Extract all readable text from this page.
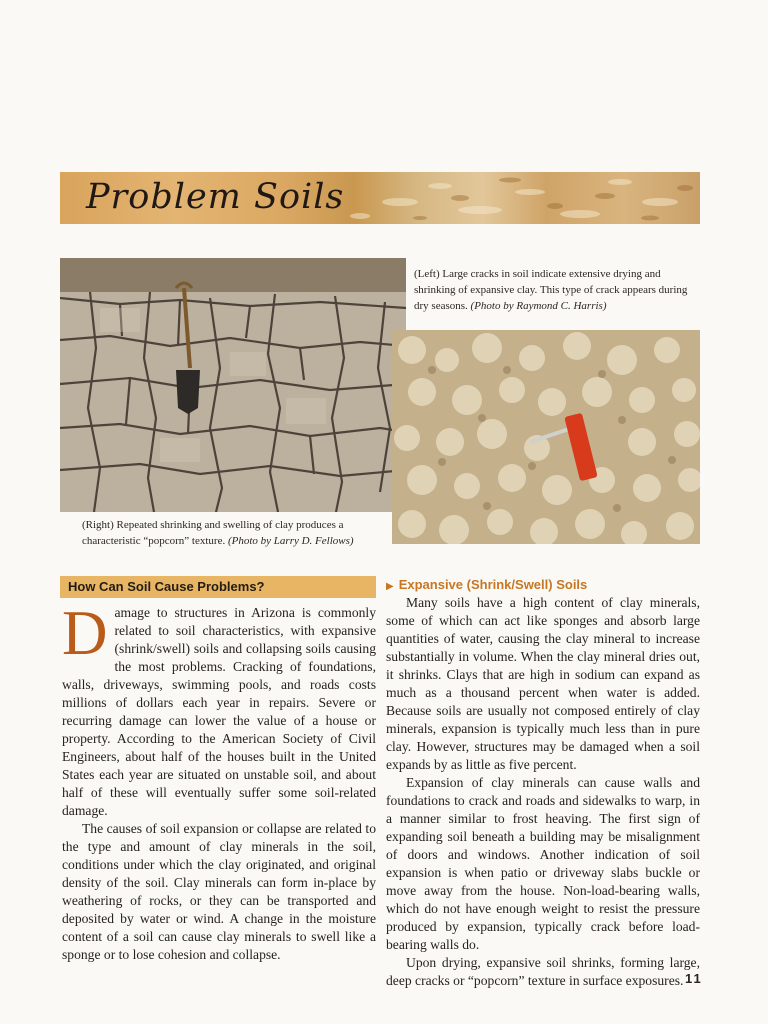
Problem Soils
(Left) Large cracks in soil indicate extensive drying and shrinking of expansive clay. This type of crack appears during dry seasons. (Photo by Raymond C. Harris)
(Right) Repeated shrinking and swelling of clay produces a characteristic “popcorn” texture. (Photo by Larry D. Fellows)
How Can Soil Cause Problems?

Damage to structures in Arizona is commonly related to soil characteristics, with expansive (shrink/swell) soils and collapsing soils causing the most problems. Cracking of foundations, walls, driveways, swimming pools, and roads costs millions of dollars each year in repairs. Severe or recurring damage can lower the value of a house or property. According to the American Society of Civil Engineers, about half of the houses built in the United States each year are situated on unstable soil, and about half of these will eventually suffer some soil-related damage.

The causes of soil expansion or collapse are related to the type and amount of clay minerals in the soil, conditions under which the clay originated, and original density of the soil. Clay minerals can form in-place by weathering of rocks, or they can be transported and deposited by water or wind. A change in the moisture content of a soil can cause clay minerals to swell like a sponge or to lose cohesion and collapse.

▶ Expansive (Shrink/Swell) Soils

Many soils have a high content of clay minerals, some of which can act like sponges and absorb large quantities of water, causing the clay mineral to increase substantially in volume. When the clay mineral dries out, it shrinks. Clays that are high in sodium can expand as much as a thousand percent when water is added. Because soils are usually not composed entirely of clay minerals, expansion is typically much less than in pure clay. However, structures may be damaged when a soil expands by as little as five percent.

Expansion of clay minerals can cause walls and foundations to crack and roads and sidewalks to warp, in a manner similar to frost heaving. The first sign of expanding soil beneath a building may be misalignment of doors and windows. Another indication of soil expansion is when patio or driveway slabs buckle or move away from the house. Non-load-bearing walls, which do not have enough weight to resist the pressure produced by expansion, typically crack before load-bearing walls do.

Upon drying, expansive soil shrinks, forming large, deep cracks or “popcorn” texture in surface exposures. 11
